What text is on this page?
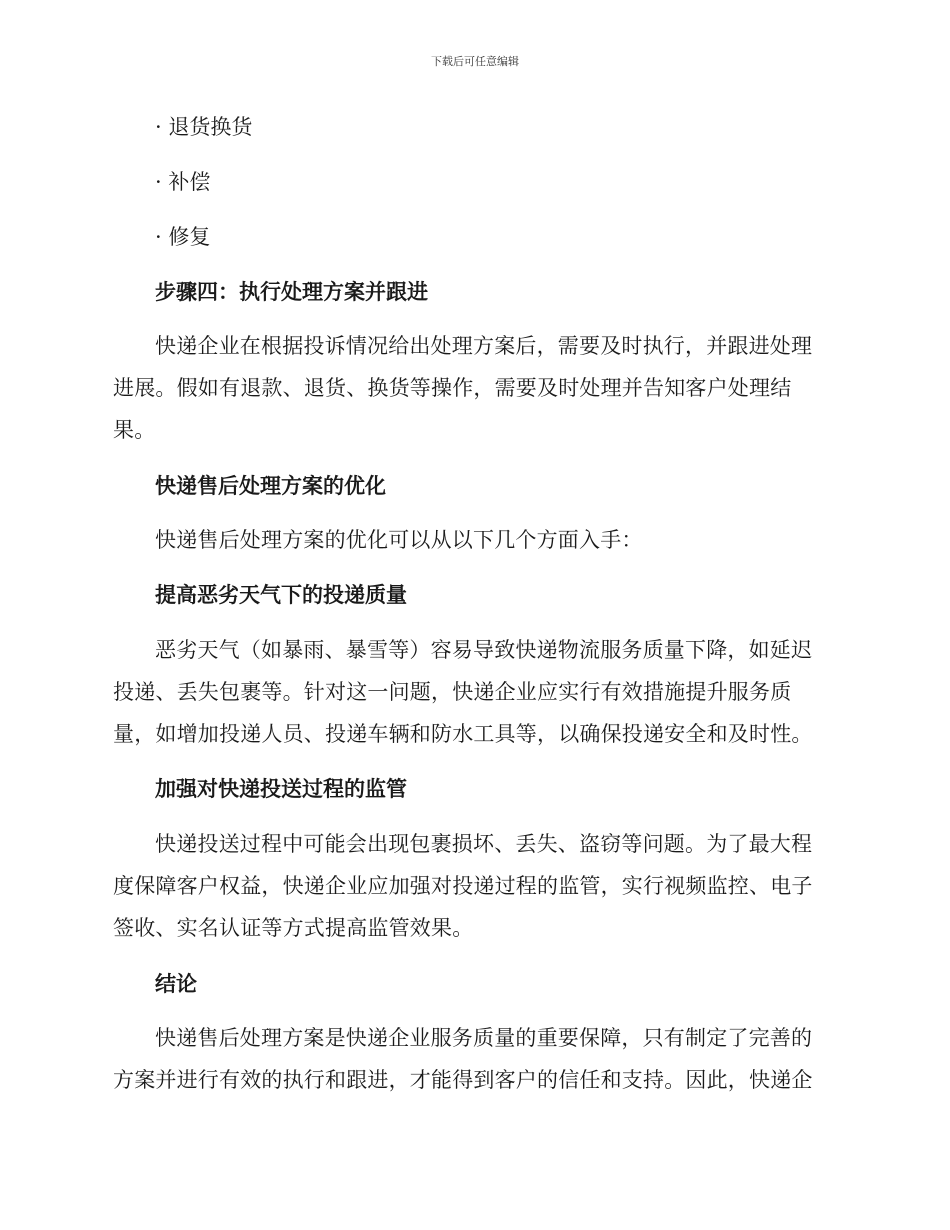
下载后可任意编辑

· 退货换货

· 补偿

· 修复

步骤四：执行处理方案并跟进

快递企业在根据投诉情况给出处理方案后，需要及时执行，并跟进处理进展。假如有退款、退货、换货等操作，需要及时处理并告知客户处理结果。

快递售后处理方案的优化

快递售后处理方案的优化可以从以下几个方面入手：

提高恶劣天气下的投递质量

恶劣天气（如暴雨、暴雪等）容易导致快递物流服务质量下降，如延迟投递、丢失包裹等。针对这一问题，快递企业应实行有效措施提升服务质量，如增加投递人员、投递车辆和防水工具等，以确保投递安全和及时性。

加强对快递投送过程的监管

快递投送过程中可能会出现包裹损坏、丢失、盗窃等问题。为了最大程度保障客户权益，快递企业应加强对投递过程的监管，实行视频监控、电子签收、实名认证等方式提高监管效果。

结论

快递售后处理方案是快递企业服务质量的重要保障，只有制定了完善的方案并进行有效的执行和跟进，才能得到客户的信任和支持。因此，快递企
